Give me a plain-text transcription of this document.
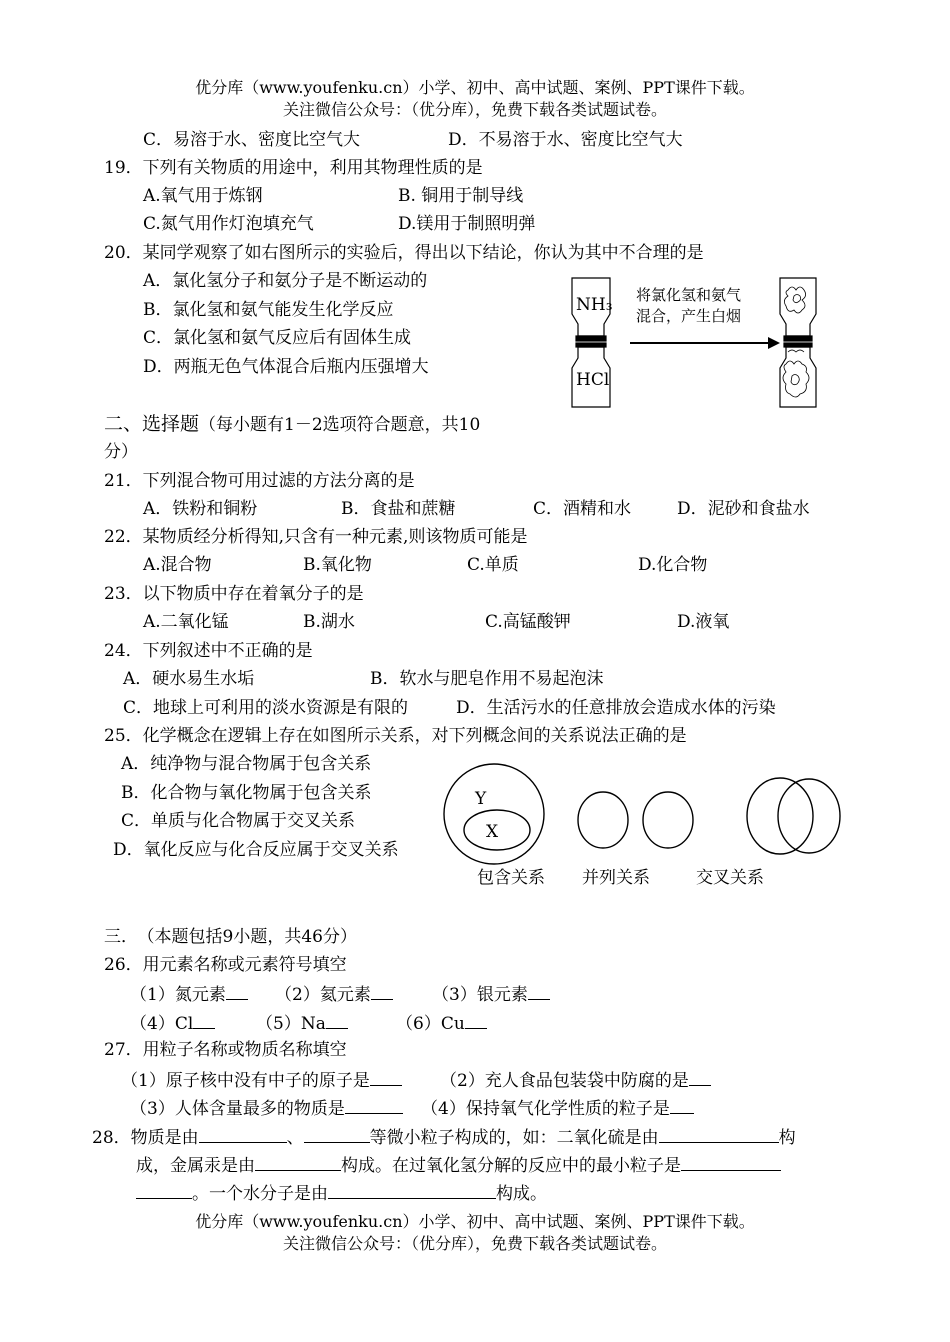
优分库（www.youfenku.cn）小学、初中、高中试题、案例、PPT课件下载。
关注微信公众号：（优分库），免费下载各类试题试卷。
C．易溶于水、密度比空气大	D．不易溶于水、密度比空气大
19．下列有关物质的用途中，利用其物理性质的是
A.氧气用于炼钢	B. 铜用于制导线
C.氮气用作灯泡填充气	D.镁用于制照明弹
20．某同学观察了如右图所示的实验后，得出以下结论，你认为其中不合理的是
A．氯化氢分子和氨分子是不断运动的
B．氯化氢和氨气能发生化学反应
C．氯化氢和氨气反应后有固体生成
D．两瓶无色气体混合后瓶内压强增大
NH₃
HCl
将氯化氢和氨气
混合，产生白烟
二、选择题（每小题有1－2选项符合题意，共10
分）
21．下列混合物可用过滤的方法分离的是
A．铁粉和铜粉	B．食盐和蔗糖	C．酒精和水	D．泥砂和食盐水
22．某物质经分析得知,只含有一种元素,则该物质可能是
A.混合物	B.氧化物	C.单质	D.化合物
23．以下物质中存在着氧分子的是
A.二氧化锰	B.湖水	C.高锰酸钾	D.液氧
24．下列叙述中不正确的是
A．硬水易生水垢	B．软水与肥皂作用不易起泡沫
C．地球上可利用的淡水资源是有限的	D．生活污水的任意排放会造成水体的污染
25．化学概念在逻辑上存在如图所示关系，对下列概念间的关系说法正确的是
A．纯净物与混合物属于包含关系
B．化合物与氧化物属于包含关系
C．单质与化合物属于交叉关系
D．氧化反应与化合反应属于交叉关系
Y
X
包含关系 并列关系	交叉关系
三． （本题包括9小题，共46分）
26．用元素名称或元素符号填空
（1）氮元素	（2）氦元素	（3）银元素
（4）Cl	（5）Na	（6）Cu
27．用粒子名称或物质名称填空
（1）原子核中没有中子的原子是	（2）充人食品包装袋中防腐的是
（3）人体含量最多的物质是	（4）保持氧气化学性质的粒子是
28．物质是由	、	等微小粒子构成的，如：二氧化硫是由	构
成，金属汞是由	构成。在过氧化氢分解的反应中的最小粒子是
。一个水分子是由	构成。
优分库（www.youfenku.cn）小学、初中、高中试题、案例、PPT课件下载。
关注微信公众号：（优分库），免费下载各类试题试卷。
